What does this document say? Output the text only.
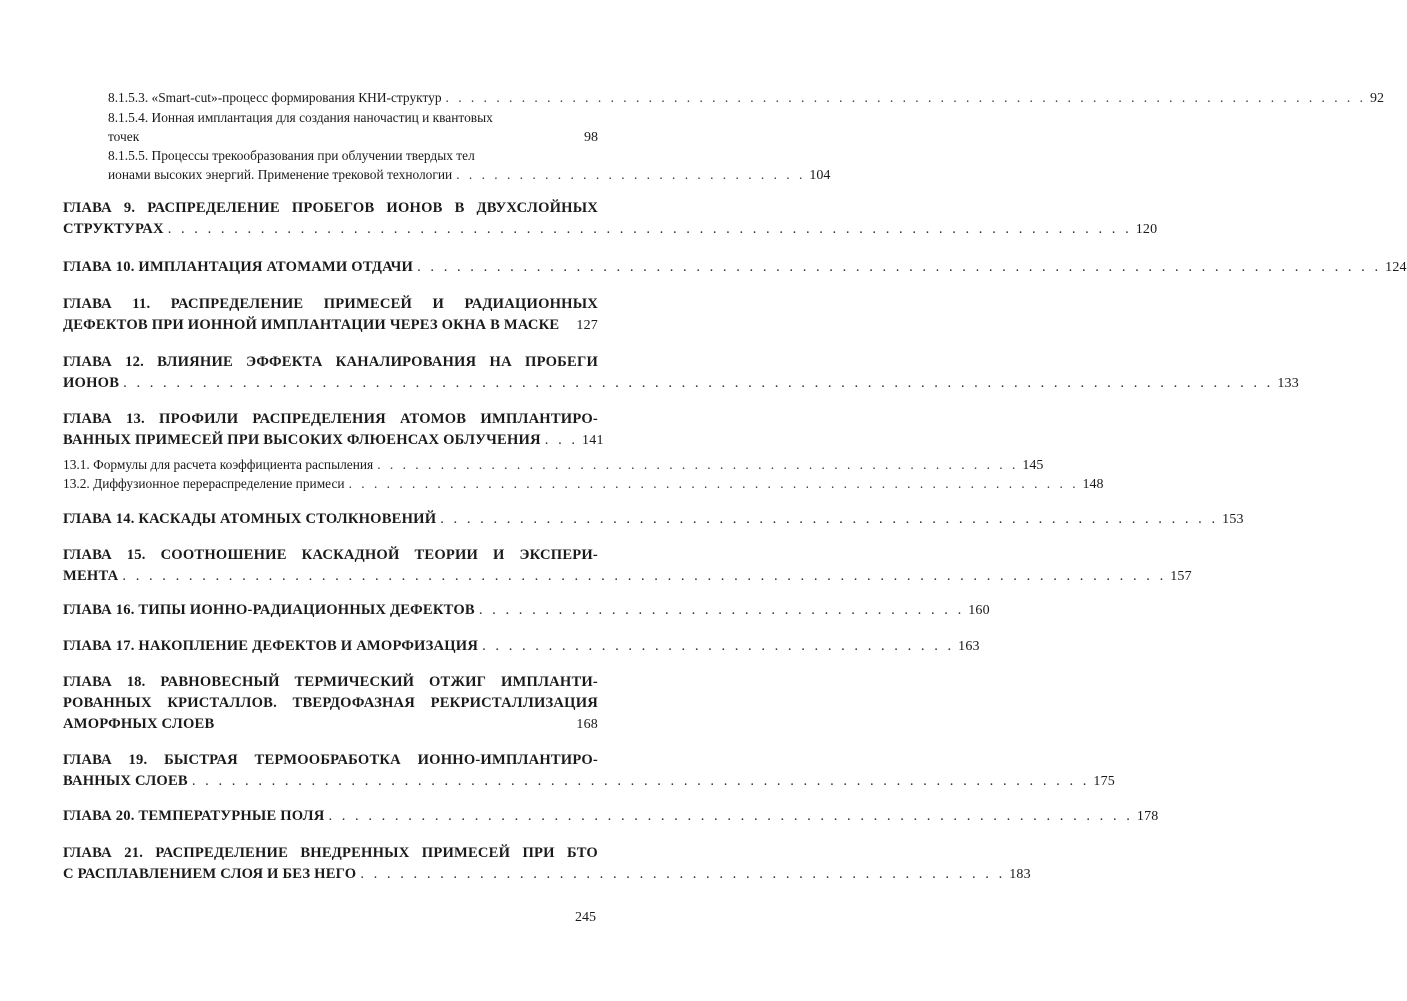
8.1.5.3. «Smart-cut»-процесс формирования КНИ-структур . . . . . . . . . . . . . . . . . . . . . . . . . . . . . . . . . . . . . . . . . . . . . . . . . . . . . . . . . . . . . . . . . . . . . . . . . 92
8.1.5.4. Ионная имплантация для создания наночастиц и квантовых
точек	98
8.1.5.5. Процессы трекообразования при облучении твердых тел
ионами высоких энергий. Применение трековой технологии . . . . . . . . . . . . . . . . . . . . . . . . . . . . 104
ГЛАВА 9. РАСПРЕДЕЛЕНИЕ ПРОБЕГОВ ИОНОВ В ДВУХСЛОЙНЫХ
СТРУКТУРАХ . . . . . . . . . . . . . . . . . . . . . . . . . . . . . . . . . . . . . . . . . . . . . . . . . . . . . . . . . . . . . . . . . . . . . . . . . 120
ГЛАВА 10. ИМПЛАНТАЦИЯ АТОМАМИ ОТДАЧИ . . . . . . . . . . . . . . . . . . . . . . . . . . . . . . . . . . . . . . . . . . . . . . . . . . . . . . . . . . . . . . . . . . . . . . . . . 124
ГЛАВА 11. РАСПРЕДЕЛЕНИЕ ПРИМЕСЕЙ И РАДИАЦИОННЫХ
ДЕФЕКТОВ ПРИ ИОННОЙ ИМПЛАНТАЦИИ ЧЕРЕЗ ОКНА В МАСКЕ 127
ГЛАВА 12. ВЛИЯНИЕ ЭФФЕКТА КАНАЛИРОВАНИЯ НА ПРОБЕГИ
ИОНОВ . . . . . . . . . . . . . . . . . . . . . . . . . . . . . . . . . . . . . . . . . . . . . . . . . . . . . . . . . . . . . . . . . . . . . . . . . . . . . . . . . . . . . . . 133
ГЛАВА 13. ПРОФИЛИ РАСПРЕДЕЛЕНИЯ АТОМОВ ИМПЛАНТИРО-
ВАННЫХ ПРИМЕСЕЙ ПРИ ВЫСОКИХ ФЛЮЕНСАХ ОБЛУЧЕНИЯ . . . 141
13.1. Формулы для расчета коэффициента распыления . . . . . . . . . . . . . . . . . . . . . . . . . . . . . . . . . . . . . . . . . . . . . . . . . . . 145
13.2. Диффузионное перераспределение примеси . . . . . . . . . . . . . . . . . . . . . . . . . . . . . . . . . . . . . . . . . . . . . . . . . . . . . . . . . . 148
ГЛАВА 14. КАСКАДЫ АТОМНЫХ СТОЛКНОВЕНИЙ . . . . . . . . . . . . . . . . . . . . . . . . . . . . . . . . . . . . . . . . . . . . . . . . . . . . . . . . . . . 153
ГЛАВА 15. СООТНОШЕНИЕ КАСКАДНОЙ ТЕОРИИ И ЭКСПЕРИ-
МЕНТА . . . . . . . . . . . . . . . . . . . . . . . . . . . . . . . . . . . . . . . . . . . . . . . . . . . . . . . . . . . . . . . . . . . . . . . . . . . . . . . 157
ГЛАВА 16. ТИПЫ ИОННО-РАДИАЦИОННЫХ ДЕФЕКТОВ . . . . . . . . . . . . . . . . . . . . . . . . . . . . . . . . . . . . . 160
ГЛАВА 17. НАКОПЛЕНИЕ ДЕФЕКТОВ И АМОРФИЗАЦИЯ . . . . . . . . . . . . . . . . . . . . . . . . . . . . . . . . . . . . 163
ГЛАВА 18. РАВНОВЕСНЫЙ ТЕРМИЧЕСКИЙ ОТЖИГ ИМПЛАНТИ-
РОВАННЫХ КРИСТАЛЛОВ. ТВЕРДОФАЗНАЯ РЕКРИСТАЛЛИЗАЦИЯ
АМОРФНЫХ СЛОЕВ
	168
ГЛАВА 19. БЫСТРАЯ ТЕРМООБРАБОТКА ИОННО-ИМПЛАНТИРО-
ВАННЫХ СЛОЕВ . . . . . . . . . . . . . . . . . . . . . . . . . . . . . . . . . . . . . . . . . . . . . . . . . . . . . . . . . . . . . . . . . . . . 175
ГЛАВА 20. ТЕМПЕРАТУРНЫЕ ПОЛЯ . . . . . . . . . . . . . . . . . . . . . . . . . . . . . . . . . . . . . . . . . . . . . . . . . . . . . . . . . . . . . 178
ГЛАВА 21. РАСПРЕДЕЛЕНИЕ ВНЕДРЕННЫХ ПРИМЕСЕЙ ПРИ БТО
С РАСПЛАВЛЕНИЕМ СЛОЯ И БЕЗ НЕГО . . . . . . . . . . . . . . . . . . . . . . . . . . . . . . . . . . . . . . . . . . . . . . . . . 183
245
